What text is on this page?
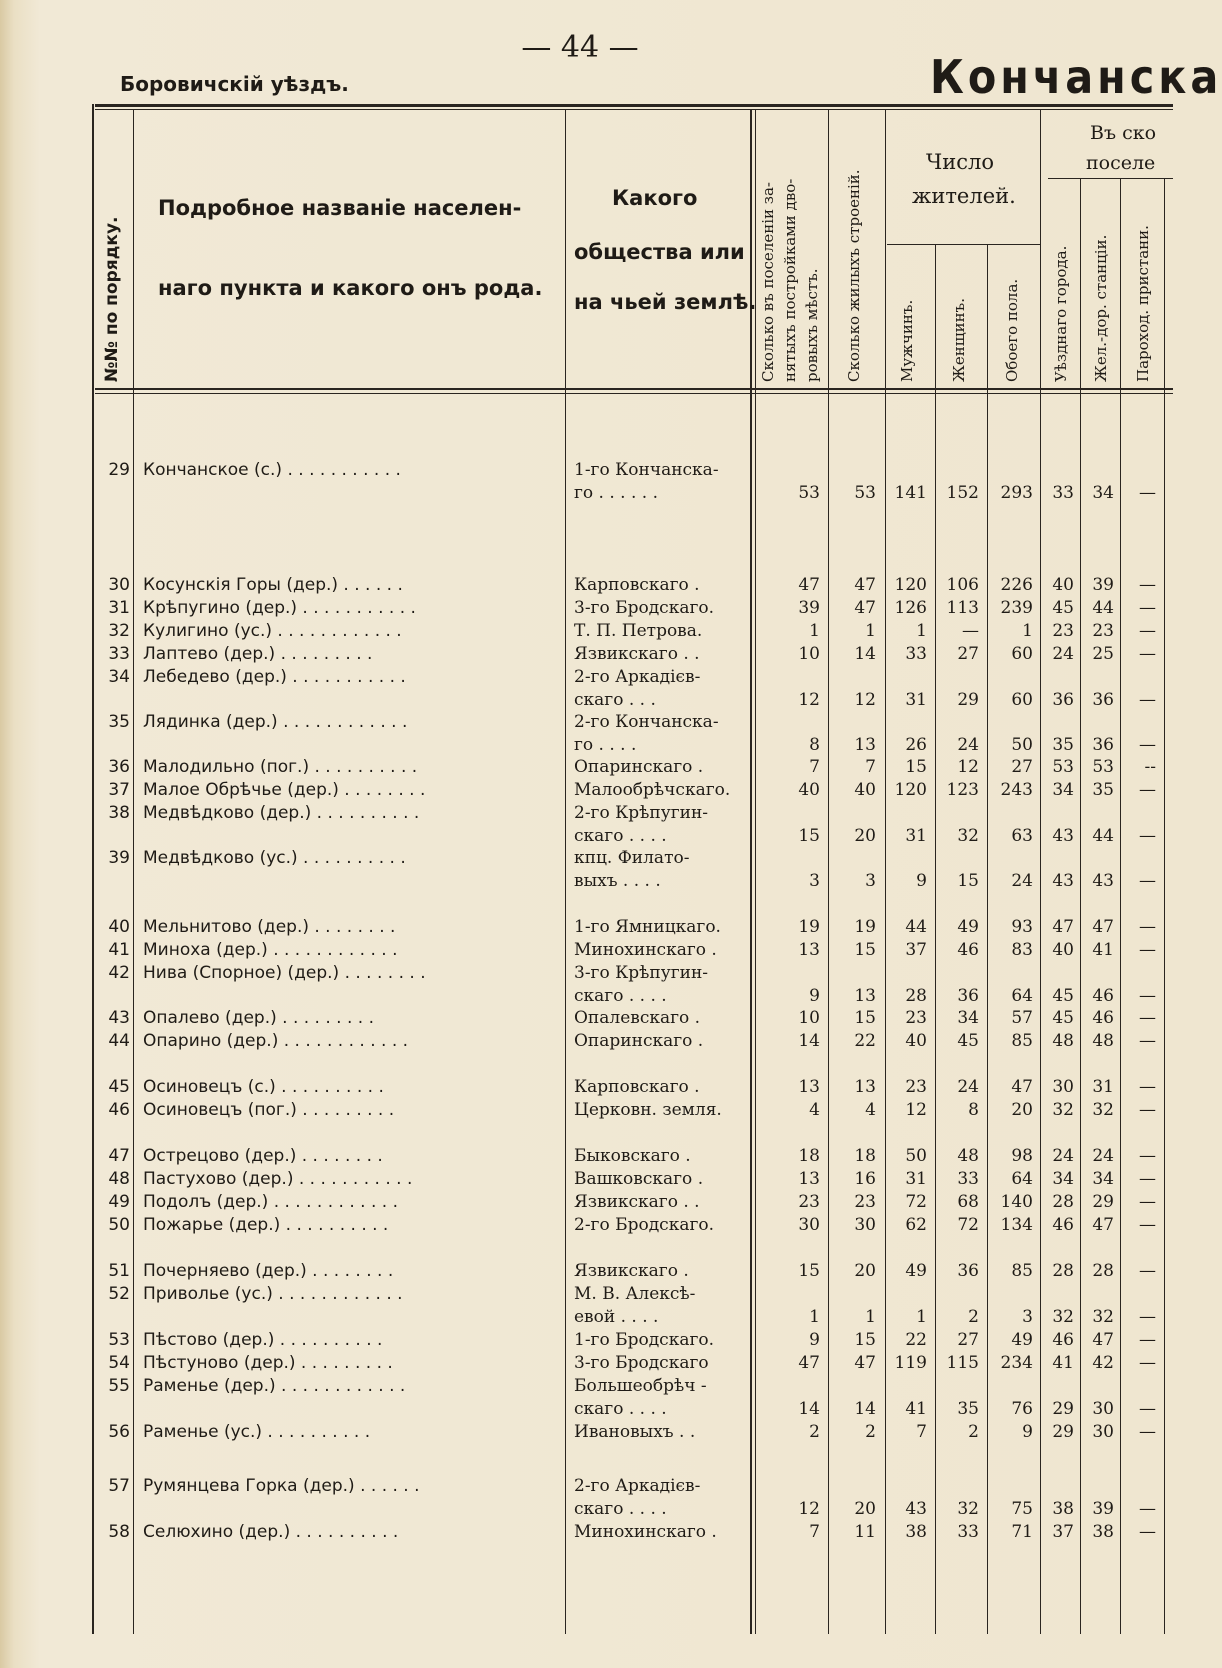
— 44 —
Боровичскій уѣздъ.	Кончанска
№№ по порядку.
Подробное названіе населен-
наго пункта и какого онъ рода.
Какого
общества или
на чьей землѣ. Сколько въ поселеніи за- нятыхъ постройками дво- ровыхъ мѣстъ. Сколько жилыхъ строеній.
Число
жителей.
Мужчинъ. Женщинъ. Обоего пола.
Въ ско
поселе
Уѣзднаго города. Жел.-дор. станціи. Пароход. пристани.
29 Кончанское (с.) . . . . . . . . . . .	1-го Кончанска-
го . . . . . .	53	53	141	152	293	33	34	—
30 Косунскія Горы (дер.) . . . . . .	Карповскаго .	47	47	120	106	226	40	39	—
31 Крѣпугино (дер.) . . . . . . . . . . .	3-го Бродскаго.	39	47	126	113	239	45	44	—
32 Кулигино (ус.) . . . . . . . . . . . .	Т. П. Петрова.	1	1	1	—	1	23	23	—
33 Лаптево (дер.) . . . . . . . . .	Язвикскаго . .	10	14	33	27	60	24	25	—
34 Лебедево (дер.) . . . . . . . . . . .	2-го Аркадієв-
скаго . . .	12	12	31	29	60	36	36	—
35 Лядинка (дер.) . . . . . . . . . . . .	2-го Кончанска-
го . . . .	8	13	26	24	50	35	36	—
36 Малодильно (пог.) . . . . . . . . . .	Опаринскаго .	7	7	15	12	27	53	53	--
37 Малое Обрѣчье (дер.) . . . . . . . .	Малообрѣчскаго.	40	40	120	123	243	34	35	—
38 Медвѣдково (дер.) . . . . . . . . . .	2-го Крѣпугин-
скаго . . . .	15	20	31	32	63	43	44	—
39 Медвѣдково (ус.) . . . . . . . . . .	кпц. Филато-
выхъ . . . .	3	3	9	15	24	43	43	—
40 Мельнитово (дер.) . . . . . . . .	1-го Ямницкаго.	19	19	44	49	93	47	47	—
41 Миноха (дер.) . . . . . . . . . . . .	Минохинскаго .	13	15	37	46	83	40	41	—
42 Нива (Спорное) (дер.) . . . . . . . .	3-го Крѣпугин-
скаго . . . .	9	13	28	36	64	45	46	—
43 Опалево (дер.) . . . . . . . . .	Опалевскаго .	10	15	23	34	57	45	46	—
44 Опарино (дер.) . . . . . . . . . . . .	Опаринскаго .	14	22	40	45	85	48	48	—
45 Осиновецъ (с.) . . . . . . . . . .	Карповскаго .	13	13	23	24	47	30	31	—
46 Осиновецъ (пог.) . . . . . . . . .	Церковн. земля.	4	4	12	8	20	32	32	—
47 Острецово (дер.) . . . . . . . .	Быковскаго .	18	18	50	48	98	24	24	—
48 Пастухово (дер.) . . . . . . . . . . .	Вашковскаго .	13	16	31	33	64	34	34	—
49 Подолъ (дер.) . . . . . . . . . . . .	Язвикскаго . .	23	23	72	68	140	28	29	—
50 Пожарье (дер.) . . . . . . . . . .	2-го Бродскаго.	30	30	62	72	134	46	47	—
51 Почерняево (дер.) . . . . . . . .	Язвикскаго .	15	20	49	36	85	28	28	—
52 Приволье (ус.) . . . . . . . . . . . .	М. В. Алексѣ-
евой . . . .	1	1	1	2	3	32	32	—
53 Пѣстово (дер.) . . . . . . . . . .	1-го Бродскаго.	9	15	22	27	49	46	47	—
54 Пѣстуново (дер.) . . . . . . . . .	3-го Бродскаго	47	47	119	115	234	41	42	—
55 Раменье (дер.) . . . . . . . . . . . .	Большеобрѣч -
скаго . . . .	14	14	41	35	76	29	30	—
56 Раменье (ус.) . . . . . . . . . .	Ивановыхъ . .	2	2	7	2	9	29	30	—
57 Румянцева Горка (дер.) . . . . . .	2-го Аркадієв-
скаго . . . .	12	20	43	32	75	38	39	—
58 Селюхино (дер.) . . . . . . . . . .	Минохинскаго .	7	11	38	33	71	37	38	—
